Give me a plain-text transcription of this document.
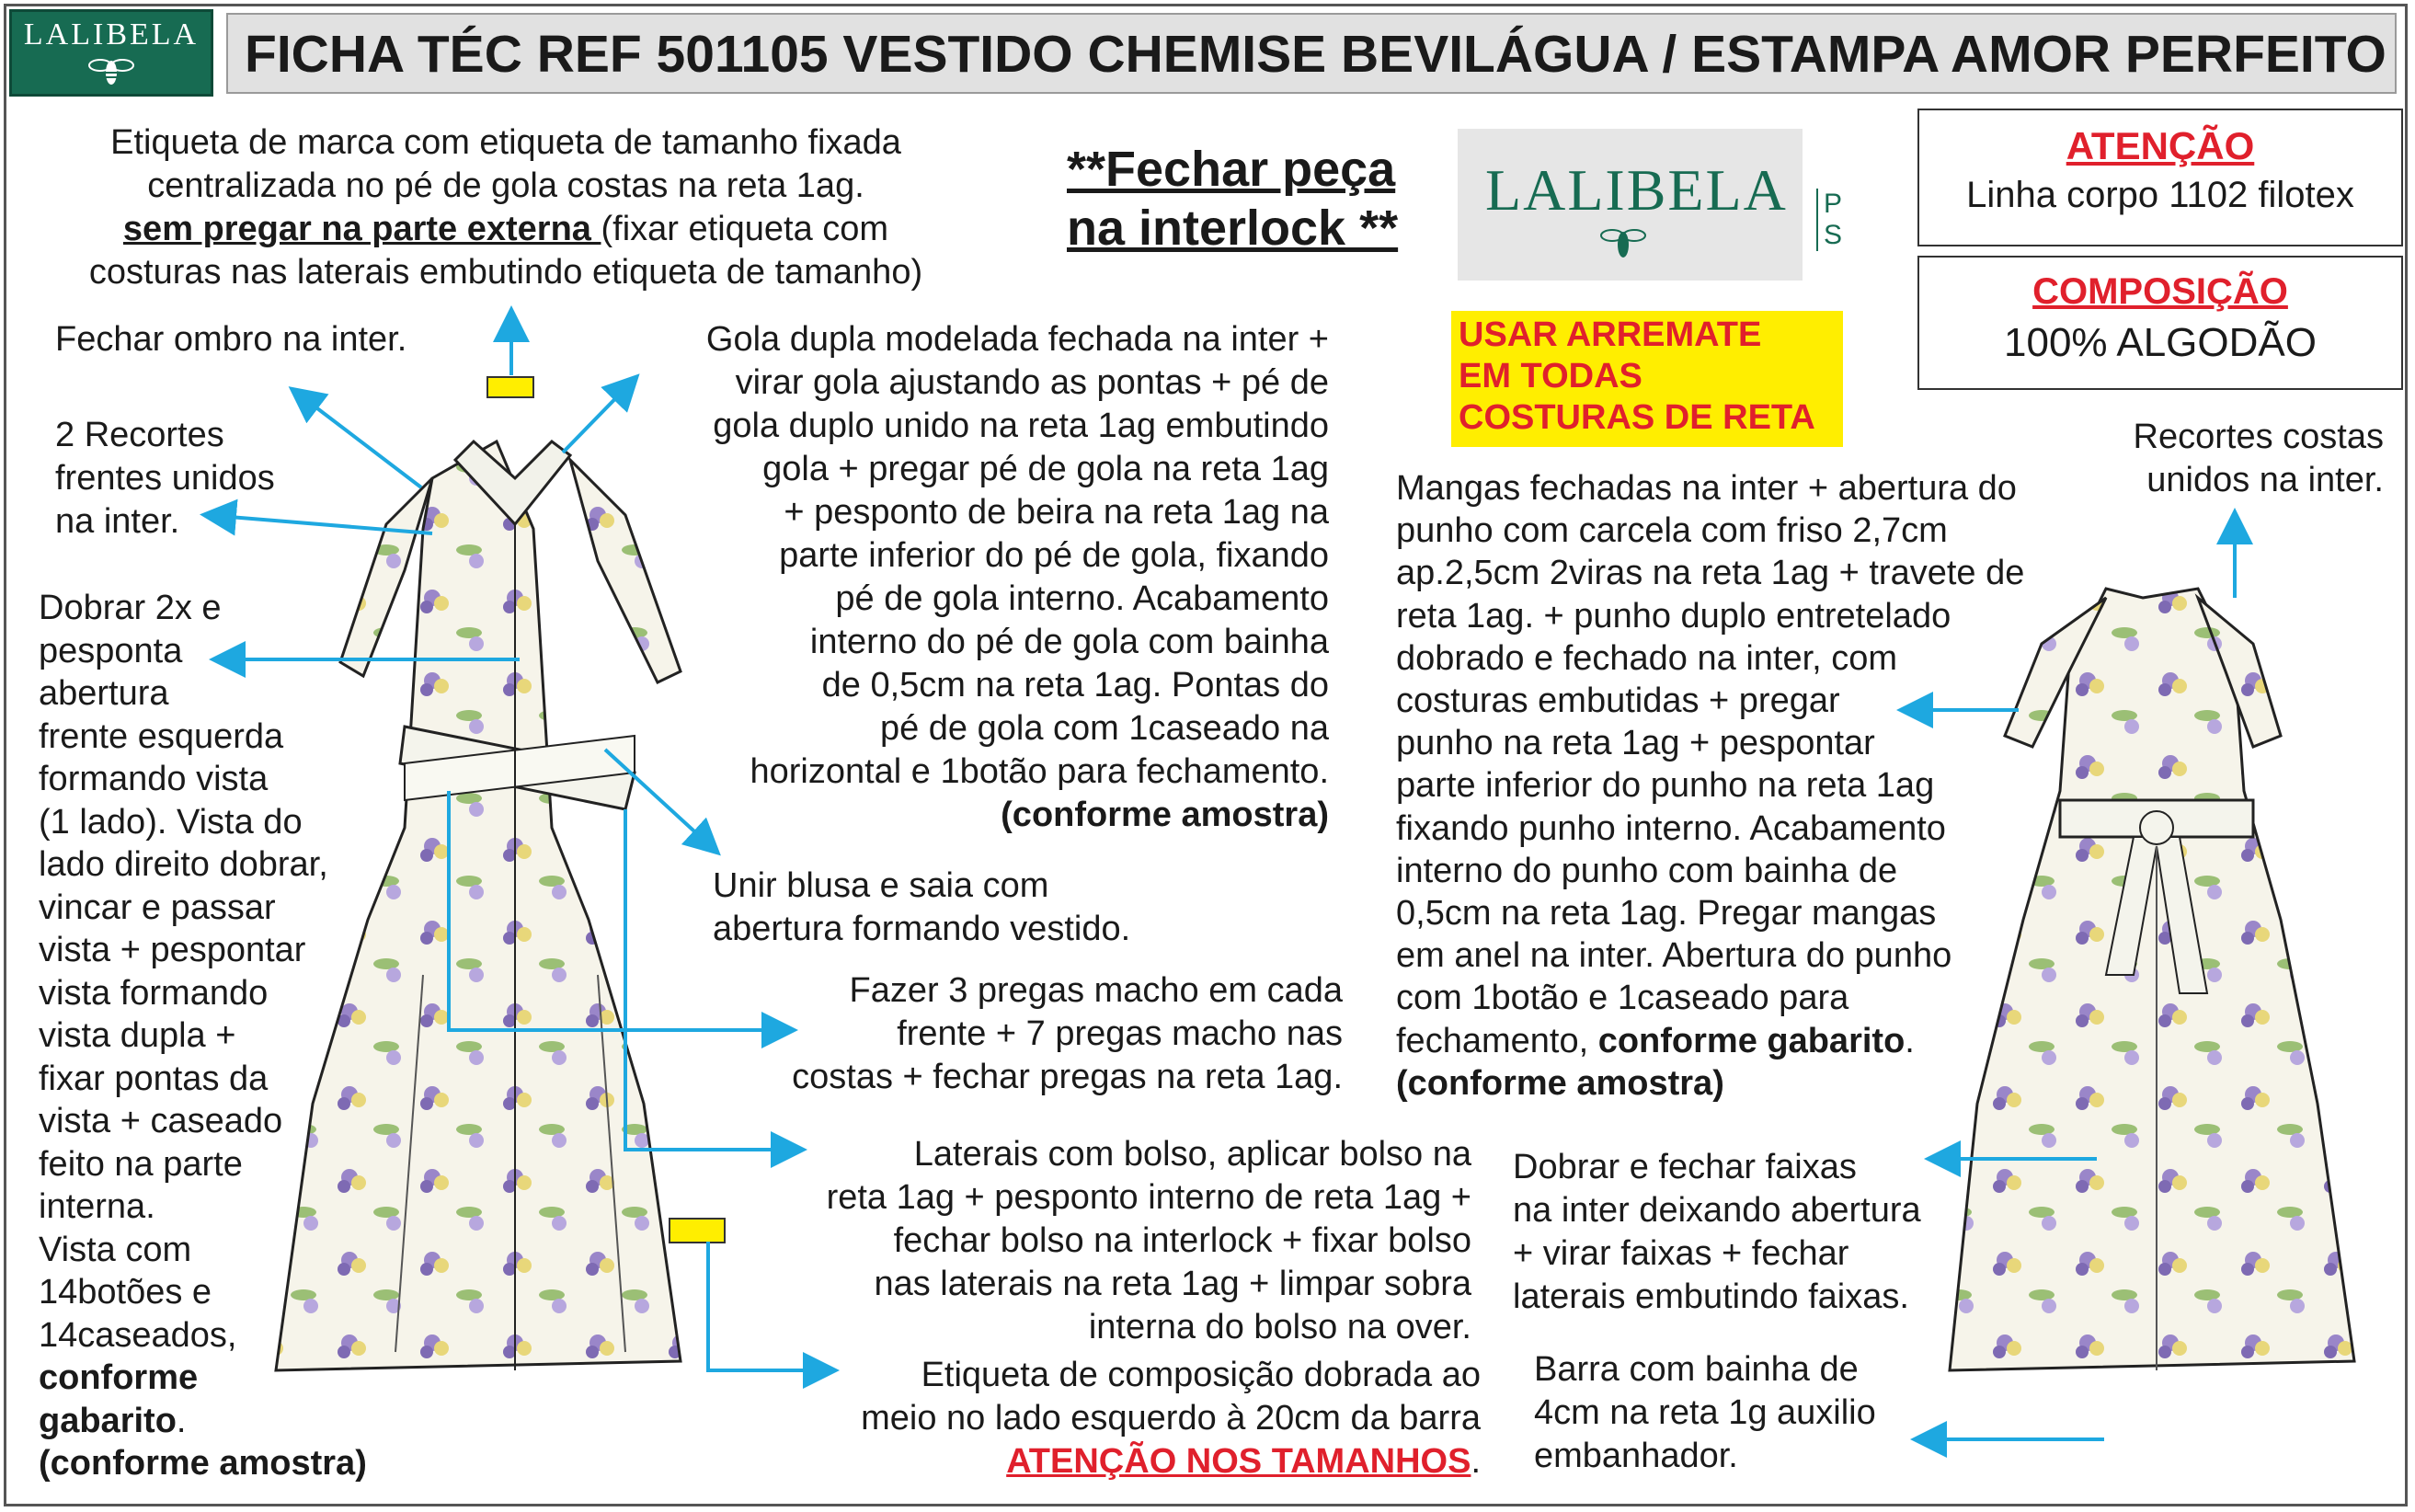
LALIBELA FICHA TÉC REF 501105 VESTIDO CHEMISE BEVILÁGUA / ESTAMPA AMOR PERFEITO
Etiqueta de marca com etiqueta de tamanho fixada
centralizada no pé de gola costas na reta 1ag.
sem pregar na parte externa (fixar etiqueta com
costuras nas laterais embutindo etiqueta de tamanho)
**Fechar peça
na interlock **
LALIBELA P
S
ATENÇÃO
Linha corpo 1102 filotex
COMPOSIÇÃO
100% ALGODÃO
USAR ARREMATE
EM TODAS
COSTURAS DE RETA
Fechar ombro na inter.
2 Recortes
frentes unidos
na inter.
Gola dupla modelada fechada na inter +
virar gola ajustando as pontas + pé de
gola duplo unido na reta 1ag embutindo
gola + pregar pé de gola na reta 1ag
+ pesponto de beira na reta 1ag na
parte inferior do pé de gola, fixando
pé de gola interno. Acabamento
interno do pé de gola com bainha
de 0,5cm na reta 1ag. Pontas do
pé de gola com 1caseado na
horizontal e 1botão para fechamento.
(conforme amostra)
Dobrar 2x e
pesponta
abertura
frente esquerda
formando vista
(1 lado). Vista do
lado direito dobrar,
vincar e passar
vista + pespontar
vista formando
vista dupla +
fixar pontas da
vista + caseado
feito na parte
interna.
Vista com
14botões e
14caseados,
conforme
gabarito.
(conforme amostra)
Unir blusa e saia com
abertura formando vestido.
Fazer 3 pregas macho em cada
frente + 7 pregas macho nas
costas + fechar pregas na reta 1ag.
Laterais com bolso, aplicar bolso na
reta 1ag + pesponto interno de reta 1ag +
fechar bolso na interlock + fixar bolso
nas laterais na reta 1ag + limpar sobra
interna do bolso na over.
Etiqueta de composição dobrada ao
meio no lado esquerdo à 20cm da barra
ATENÇÃO NOS TAMANHOS.
Mangas fechadas na inter + abertura do
punho com carcela com friso 2,7cm
ap.2,5cm 2viras na reta 1ag + travete de
reta 1ag. + punho duplo entretelado
dobrado e fechado na inter, com
costuras embutidas + pregar
punho na reta 1ag + pespontar
parte inferior do punho na reta 1ag
fixando punho interno. Acabamento
interno do punho com bainha de
0,5cm na reta 1ag. Pregar mangas
em anel na inter. Abertura do punho
com 1botão e 1caseado para
fechamento, conforme gabarito.
(conforme amostra)
Recortes costas
unidos na inter.
Dobrar e fechar faixas
na inter deixando abertura
+ virar faixas + fechar
laterais embutindo faixas.
Barra com bainha de
4cm na reta 1g auxilio
embanhador.
